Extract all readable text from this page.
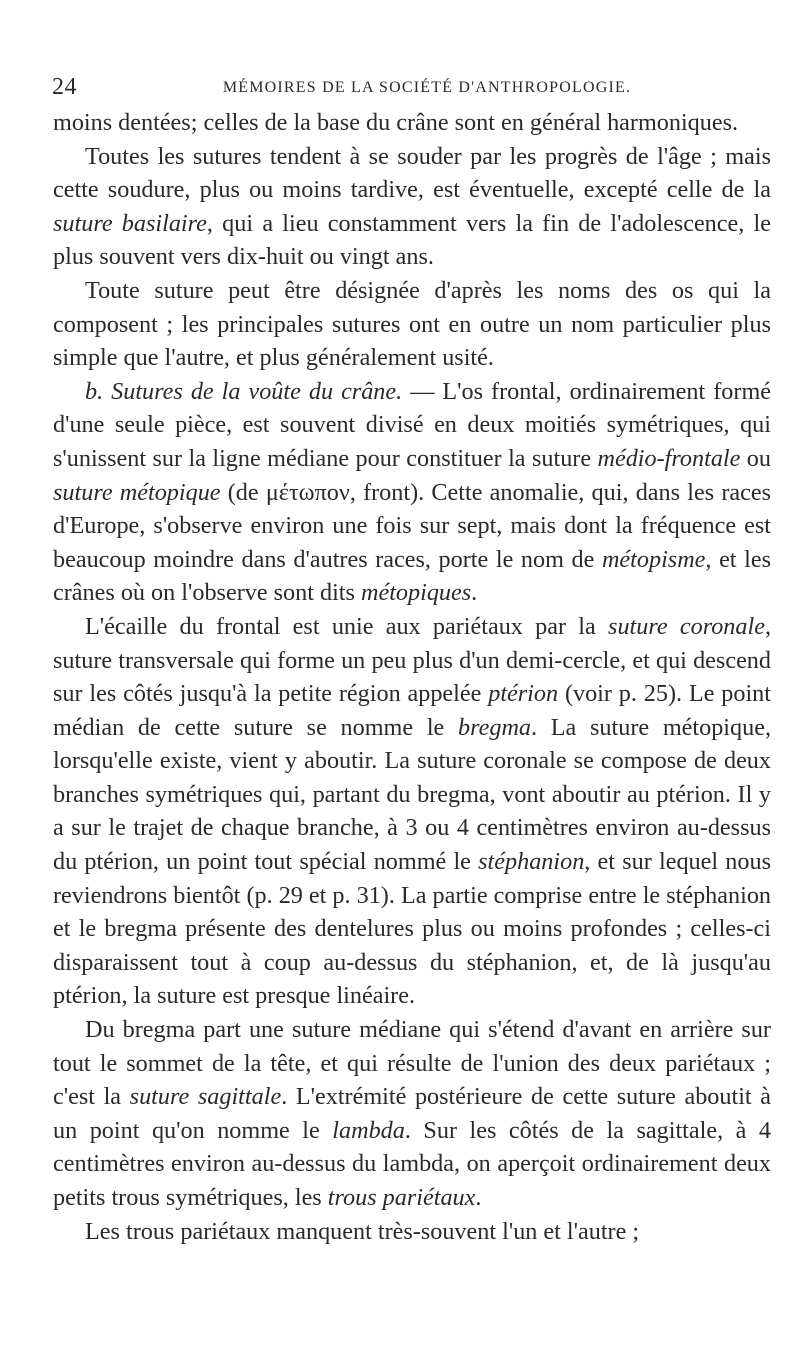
24	MÉMOIRES DE LA SOCIÉTÉ D'ANTHROPOLOGIE.

moins dentées; celles de la base du crâne sont en général harmoniques.

Toutes les sutures tendent à se souder par les progrès de l'âge ; mais cette soudure, plus ou moins tardive, est éventuelle, excepté celle de la suture basilaire, qui a lieu constamment vers la fin de l'adolescence, le plus souvent vers dix-huit ou vingt ans.

Toute suture peut être désignée d'après les noms des os qui la composent ; les principales sutures ont en outre un nom particulier plus simple que l'autre, et plus généralement usité.

b. Sutures de la voûte du crâne. — L'os frontal, ordinairement formé d'une seule pièce, est souvent divisé en deux moitiés symétriques, qui s'unissent sur la ligne médiane pour constituer la suture médio-frontale ou suture métopique (de μέτωπον, front). Cette anomalie, qui, dans les races d'Europe, s'observe environ une fois sur sept, mais dont la fréquence est beaucoup moindre dans d'autres races, porte le nom de métopisme, et les crânes où on l'observe sont dits métopiques.

L'écaille du frontal est unie aux pariétaux par la suture coronale, suture transversale qui forme un peu plus d'un demi-cercle, et qui descend sur les côtés jusqu'à la petite région appelée ptérion (voir p. 25). Le point médian de cette suture se nomme le bregma. La suture métopique, lorsqu'elle existe, vient y aboutir. La suture coronale se compose de deux branches symétriques qui, partant du bregma, vont aboutir au ptérion. Il y a sur le trajet de chaque branche, à 3 ou 4 centimètres environ au-dessus du ptérion, un point tout spécial nommé le stéphanion, et sur lequel nous reviendrons bientôt (p. 29 et p. 31). La partie comprise entre le stéphanion et le bregma présente des dentelures plus ou moins profondes ; celles-ci disparaissent tout à coup au-dessus du stéphanion, et, de là jusqu'au ptérion, la suture est presque linéaire.

Du bregma part une suture médiane qui s'étend d'avant en arrière sur tout le sommet de la tête, et qui résulte de l'union des deux pariétaux ; c'est la suture sagittale. L'extrémité postérieure de cette suture aboutit à un point qu'on nomme le lambda. Sur les côtés de la sagittale, à 4 centimètres environ au-dessus du lambda, on aperçoit ordinairement deux petits trous symétriques, les trous pariétaux.

Les trous pariétaux manquent très-souvent l'un et l'autre ;
